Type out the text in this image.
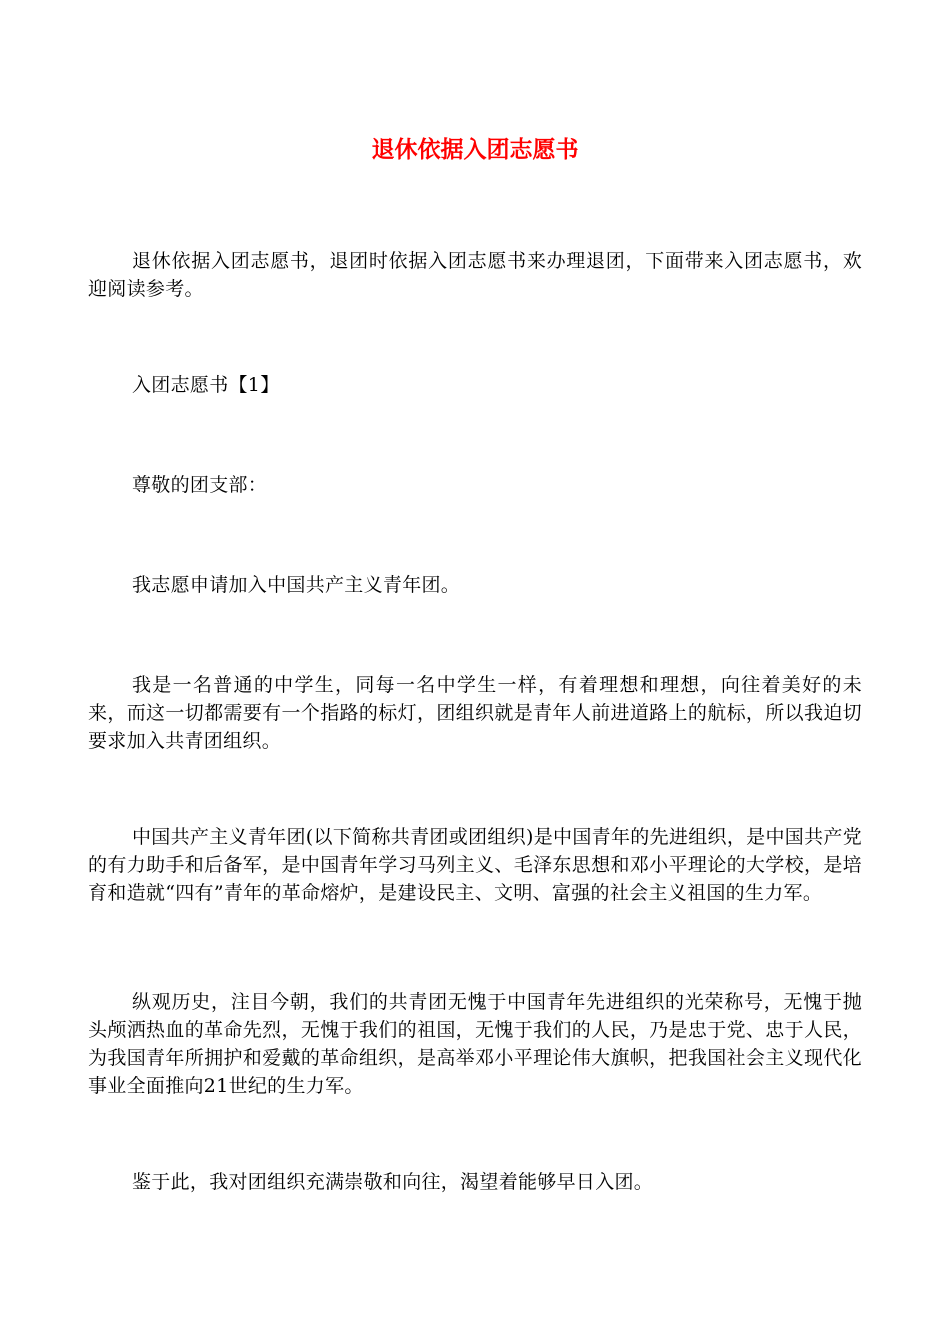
退休依据入团志愿书

退休依据入团志愿书，退团时依据入团志愿书来办理退团，下面带来入团志愿书，欢迎阅读参考。

入团志愿书【1】

尊敬的团支部：

我志愿申请加入中国共产主义青年团。

我是一名普通的中学生，同每一名中学生一样，有着理想和理想，向往着美好的未来，而这一切都需要有一个指路的标灯，团组织就是青年人前进道路上的航标，所以我迫切要求加入共青团组织。

中国共产主义青年团(以下简称共青团或团组织)是中国青年的先进组织，是中国共产党的有力助手和后备军，是中国青年学习马列主义、毛泽东思想和邓小平理论的大学校，是培育和造就“四有”青年的革命熔炉，是建设民主、文明、富强的社会主义祖国的生力军。

纵观历史，注目今朝，我们的共青团无愧于中国青年先进组织的光荣称号，无愧于抛头颅洒热血的革命先烈，无愧于我们的祖国，无愧于我们的人民，乃是忠于党、忠于人民，为我国青年所拥护和爱戴的革命组织，是高举邓小平理论伟大旗帜，把我国社会主义现代化事业全面推向21世纪的生力军。

鉴于此，我对团组织充满崇敬和向往，渴望着能够早日入团。
